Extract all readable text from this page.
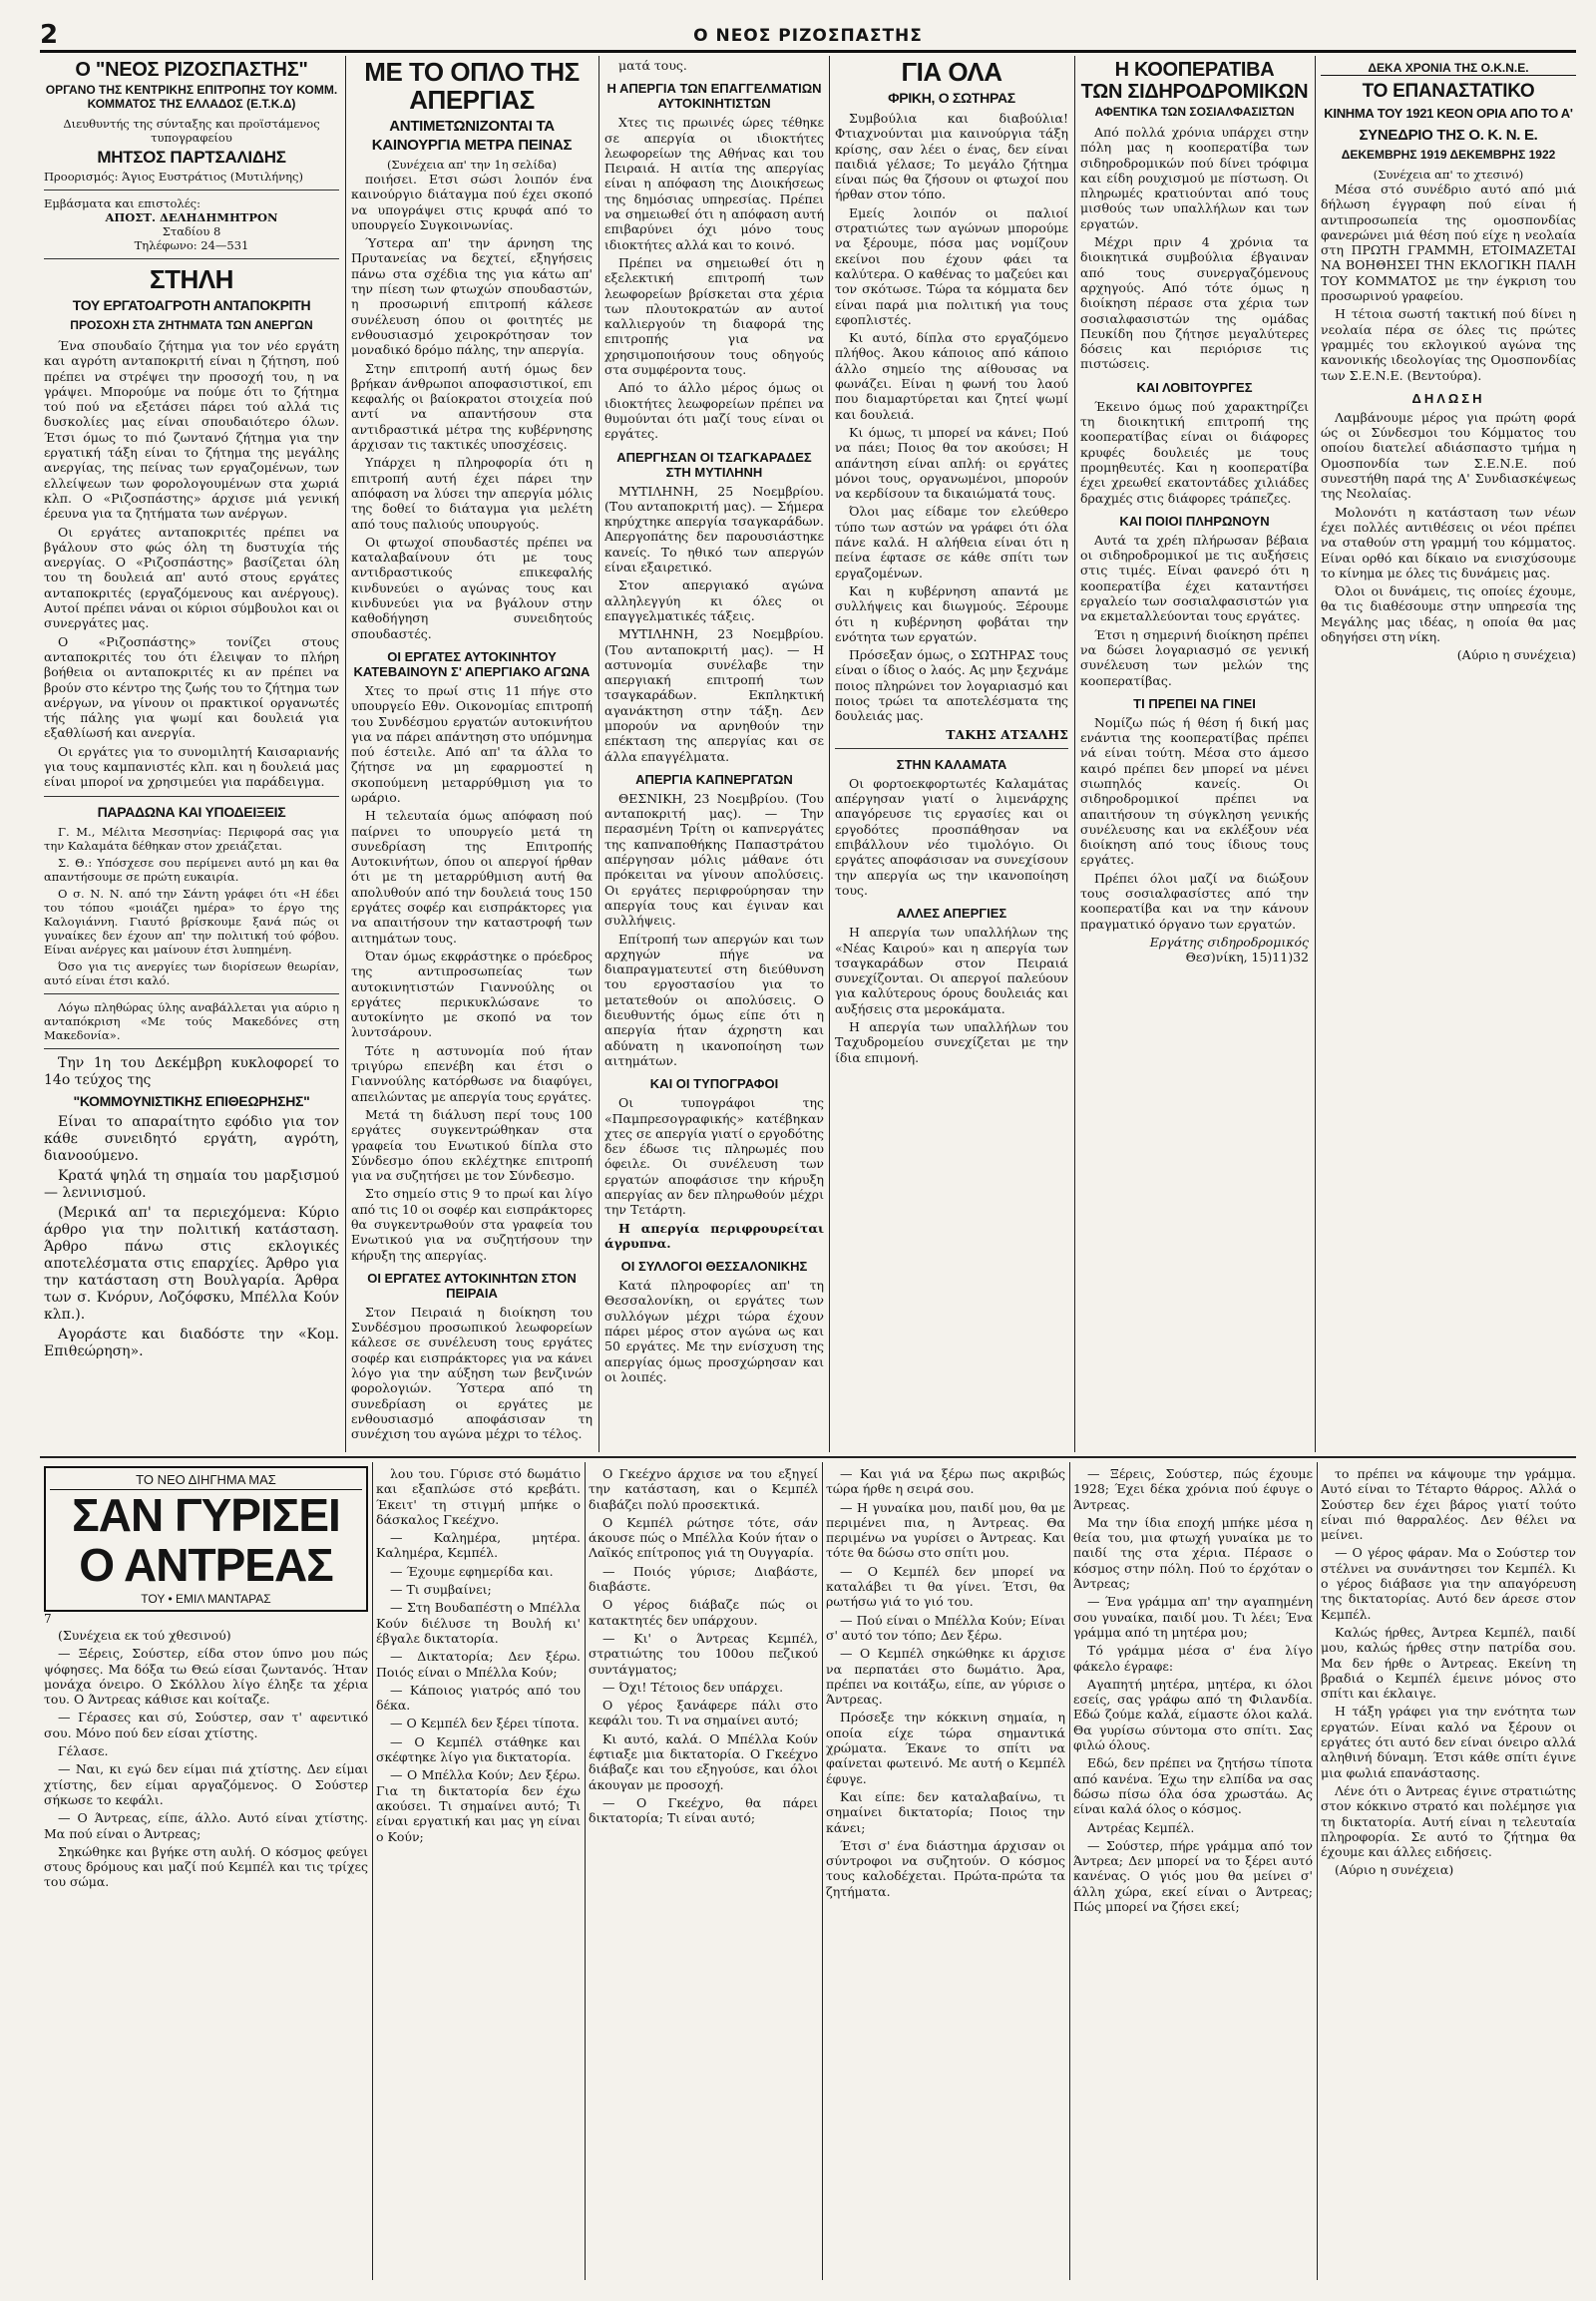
2	Ο ΝΕΟΣ ΡΙΖΟΣΠΑΣΤΗΣ
Ο "ΝΕΟΣ ΡΙΖΟΣΠΑΣΤΗΣ"
ΟΡΓΑΝΟ ΤΗΣ ΚΕΝΤΡΙΚΗΣ ΕΠΙΤΡΟΠΗΣ ΤΟΥ ΚΟΜΜ. ΚΟΜΜΑΤΟΣ ΤΗΣ ΕΛΛΑΔΟΣ (Ε.Τ.Κ.Δ)
Διευθυντής της σύνταξης και προϊστάμενος τυπογραφείου
ΜΗΤΣΟΣ ΠΑΡΤΣΑΛΙΔΗΣ
Προορισμός: Άγιος Ευστράτιος (Μυτιλήνης)
Εμβάσματα και επιστολές:
ΑΠΟΣΤ. ΔΕΛΗΔΗΜΗΤΡΟΝ
Σταδίου 8
Τηλέφωνο: 24—531
ΣΤΗΛΗ
ΤΟΥ ΕΡΓΑΤΟΑΓΡΟΤΗ ΑΝΤΑΠΟΚΡΙΤΗ
ΠΡΟΣΟΧΗ ΣΤΑ ΖΗΤΗΜΑΤΑ ΤΩΝ ΑΝΕΡΓΩΝ

Ένα σπουδαίο ζήτημα για τον νέο εργάτη και αγρότη ανταποκριτή είναι η ζήτηση, πού πρέπει να στρέψει την προσοχή του, η να γράψει. Μπορούμε να πούμε ότι το ζήτημα τού πού να εξετάσει πάρει τού αλλά τις δυσκολίες μας είναι σπουδαιότερο όλων. Έτσι όμως το πιό ζωντανό ζήτημα για την εργατική τάξη είναι το ζήτημα της μεγάλης ανεργίας, της πείνας των εργαζομένων, των ελλείψεων των φορολογουμένων στα χωριά κλπ. Ο «Ριζοσπάστης» άρχισε μιά γενική έρευνα για τα ζητήματα των ανέργων.

Οι εργάτες ανταποκριτές πρέπει να βγάλουν στο φώς όλη τη δυστυχία τής ανεργίας. Ο «Ριζοσπάστης» βασίζεται όλη του τη δουλειά απ' αυτό στους εργάτες ανταποκριτές (εργαζόμενους και ανέργους). Αυτοί πρέπει νάναι οι κύριοι σύμβουλοι και οι συνεργάτες μας.

Ο «Ριζοσπάστης» τονίζει στους ανταποκριτές του ότι έλειψαν το πλήρη βοήθεια οι ανταποκριτές κι αν πρέπει να βρούν στο κέντρο της ζωής του το ζήτημα των ανέργων, να γίνουν οι πρακτικοί οργανωτές τής πάλης για ψωμί και δουλειά για εξαθλίωσή και ανεργία.

Οι εργάτες για το συνομιλητή Καισαριανής για τους καμπανιστές κλπ. και η δουλειά μας είναι μποροί να χρησιμεύει για παράδειγμα.

ΠΑΡΑΔΩΝΑ ΚΑΙ ΥΠΟΔΕΙΞΕΙΣ

Γ. Μ., Μέλιτα Μεσσηνίας: Περιφορά σας για την Καλαμάτα δέθηκαν στον χρειάζεται.

Σ. Θ.: Υπόσχεσε σου περίμενει αυτό μη και θα απαντήσουμε σε πρώτη ευκαιρία.

Ο σ. Ν. Ν. από την Σάντη γράφει ότι «Η έδει του τόπου «μοιάζει ημέρα» το έργο της Καλογιάννη. Γιαυτό βρίσκουμε ξανά πώς οι γυναίκες δεν έχουν απ' την πολιτική τού φόβου. Είναι ανέργες και μαίνουν έτσι λυπημένη.

Όσο για τις ανεργίες των διορίσεων θεωρίαν, αυτό είναι έτσι καλό.

Λόγω πληθώρας ύλης αναβάλλεται για αύριο η ανταπόκριση «Με τούς Μακεδόνες στη Μακεδονία».

Την 1η του Δεκέμβρη κυκλοφορεί το 14ο τεύχος της

"ΚΟΜΜΟΥΝΙΣΤΙΚΗΣ ΕΠΙΘΕΩΡΗΣΗΣ"

Είναι το απαραίτητο εφόδιο για τον κάθε συνειδητό εργάτη, αγρότη, διανοούμενο.

Κρατά ψηλά τη σημαία του μαρξισμού — λενινισμού.

(Μερικά απ' τα περιεχόμενα: Κύριο άρθρο για την πολιτική κατάσταση. Άρθρο πάνω στις εκλογικές αποτελέσματα στις επαρχίες. Άρθρο για την κατάσταση στη Βουλγαρία. Άρθρα των σ. Κνόρυν, Λοζόφσκυ, Μπέλλα Κούν κλπ.).

Αγοράστε και διαδόστε την «Κομ. Επιθεώρηση».

ΜΕ ΤΟ ΟΠΛΟ ΤΗΣ ΑΠΕΡΓΙΑΣ
ΑΝΤΙΜΕΤΩΝΙΖΟΝΤΑΙ ΤΑ ΚΑΙΝΟΥΡΓΙΑ ΜΕΤΡΑ ΠΕΙΝΑΣ
(Συνέχεια απ' την 1η σελίδα)

ποιήσει. Ετσι σώσι λοιπόν ένα καινούργιο διάταγμα πού έχει σκοπό να υπογράψει στις κρυφά από το υπουργείο Συγκοινωνίας.

Ύστερα απ' την άρνηση της Πρυτανείας να δεχτεί, εξηγήσεις πάνω στα σχέδια της για κάτω απ' την πίεση των φτωχών σπουδαστών, η προσωρινή επιτροπή κάλεσε συνέλευση όπου οι φοιτητές με ενθουσιασμό χειροκρότησαν τον μοναδικό δρόμο πάλης, την απεργία.

Στην επιτροπή αυτή όμως δεν βρήκαν άνθρωποι αποφασιστικοί, επι κεφαλής οι βαίοκρατοι στοιχεία πού αντί να απαντήσουν στα αντιδραστικά μέτρα της κυβέρνησης άρχισαν τις τακτικές υποσχέσεις.

Υπάρχει η πληροφορία ότι η επιτροπή αυτή έχει πάρει την απόφαση να λύσει την απεργία μόλις της δοθεί το διάταγμα για μελέτη από τους παλιούς υπουργούς.

Οι φτωχοί σπουδαστές πρέπει να καταλαβαίνουν ότι με τους αντιδραστικούς επικεφαλής κινδυνεύει ο αγώνας τους και κινδυνεύει για να βγάλουν στην καθοδήγηση συνειδητούς σπουδαστές.

ΟΙ ΕΡΓΑΤΕΣ ΑΥΤΟΚΙΝΗΤΟΥ ΚΑΤΕΒΑΙΝΟΥΝ Σ' ΑΠΕΡΓΙΑΚΟ ΑΓΩΝΑ

Χτες το πρωί στις 11 πήγε στο υπουργείο Εθν. Οικονομίας επιτροπή του Συνδέσμου εργατών αυτοκινήτου για να πάρει απάντηση στο υπόμνημα πού έστειλε. Από απ' τα άλλα το ζήτησε να μη εφαρμοστεί η σκοπούμενη μεταρρύθμιση για το ωράριο.

Η τελευταία όμως απόφαση πού παίρνει το υπουργείο μετά τη συνεδρίαση της Επιτροπής Αυτοκινήτων, όπου οι απεργοί ήρθαν ότι με τη μεταρρύθμιση αυτή θα απολυθούν από την δουλειά τους 150 εργάτες σοφέρ και εισπράκτορες για να απαιτήσουν την καταστροφή των αιτημάτων τους.

Όταν όμως εκφράστηκε ο πρόεδρος της αντιπροσωπείας των αυτοκινητιστών Γιαννούλης οι εργάτες περικυκλώσανε το αυτοκίνητο με σκοπό να τον λυντσάρουν.

Τότε η αστυνομία πού ήταν τριγύρω επενέβη και έτσι ο Γιαννούλης κατόρθωσε να διαφύγει, απειλώντας με απεργία τους εργάτες.

Μετά τη διάλυση περί τους 100 εργάτες συγκεντρώθηκαν στα γραφεία του Ενωτικού δίπλα στο Σύνδεσμο όπου εκλέχτηκε επιτροπή για να συζητήσει με τον Σύνδεσμο.

Στο σημείο στις 9 το πρωί και λίγο από τις 10 οι σοφέρ και εισπράκτορες θα συγκεντρωθούν στα γραφεία του Ενωτικού για να συζητήσουν την κήρυξη της απεργίας.

ΟΙ ΕΡΓΑΤΕΣ ΑΥΤΟΚΙΝΗΤΩΝ ΣΤΟΝ ΠΕΙΡΑΙΑ

Στον Πειραιά η διοίκηση του Συνδέσμου προσωπικού λεωφορείων κάλεσε σε συνέλευση τους εργάτες σοφέρ και εισπράκτορες για να κάνει λόγο για την αύξηση των βενζινών φορολογιών. Ύστερα από τη συνεδρίαση οι εργάτες με ενθουσιασμό αποφάσισαν τη συνέχιση του αγώνα μέχρι το τέλος.

ματά τους.

Η ΑΠΕΡΓΙΑ ΤΩΝ ΕΠΑΓΓΕΛΜΑΤΙΩΝ ΑΥΤΟΚΙΝΗΤΙΣΤΩΝ

Χτες τις πρωινές ώρες τέθηκε σε απεργία οι ιδιοκτήτες λεωφορείων της Αθήνας και του Πειραιά. Η αιτία της απεργίας είναι η απόφαση της Διοικήσεως της δημόσιας υπηρεσίας. Πρέπει να σημειωθεί ότι η απόφαση αυτή επιβαρύνει όχι μόνο τους ιδιοκτήτες αλλά και το κοινό.

Πρέπει να σημειωθεί ότι η εξελεκτική επιτροπή των λεωφορείων βρίσκεται στα χέρια των πλουτοκρατών αν αυτοί καλλιεργούν τη διαφορά της επιτροπής για να χρησιμοποιήσουν τους οδηγούς στα συμφέροντα τους.

Από το άλλο μέρος όμως οι ιδιοκτήτες λεωφορείων πρέπει να θυμούνται ότι μαζί τους είναι οι εργάτες.

ΑΠΕΡΓΗΣΑΝ ΟΙ ΤΣΑΓΚΑΡΑΔΕΣ ΣΤΗ ΜΥΤΙΛΗΝΗ

ΜΥΤΙΛΗΝΗ, 25 Νοεμβρίου. (Του ανταποκριτή μας). — Σήμερα κηρύχτηκε απεργία τσαγκαράδων. Απεργοπάτης δεν παρουσιάστηκε κανείς. Το ηθικό των απεργών είναι εξαιρετικό.

Στον απεργιακό αγώνα αλληλεγγύη κι όλες οι επαγγελματικές τάξεις.

ΜΥΤΙΛΗΝΗ, 23 Νοεμβρίου. (Του ανταποκριτή μας). — Η αστυνομία συνέλαβε την απεργιακή επιτροπή των τσαγκαράδων. Εκπληκτική αγανάκτηση στην τάξη. Δεν μπορούν να αρνηθούν την επέκταση της απεργίας και σε άλλα επαγγέλματα.

ΑΠΕΡΓΙΑ ΚΑΠΝΕΡΓΑΤΩΝ

ΘΕΣΝΙΚΗ, 23 Νοεμβρίου. (Του ανταποκριτή μας). — Την περασμένη Τρίτη οι καπνεργάτες της καπναποθήκης Παπαστράτου απέργησαν μόλις μάθανε ότι πρόκειται να γίνουν απολύσεις. Οι εργάτες περιφρούρησαν την απεργία τους και έγιναν και συλλήψεις.

Επίτροπή των απεργών και των αρχηγών πήγε να διαπραγματευτεί στη διεύθυνση του εργοστασίου για το μετατεθούν οι απολύσεις. Ο διευθυντής όμως είπε ότι η απεργία ήταν άχρηστη και αδύνατη η ικανοποίηση των αιτημάτων.

ΚΑΙ ΟΙ ΤΥΠΟΓΡΑΦΟΙ

Οι τυπογράφοι της «Παμπρεσογραφικής» κατέβηκαν χτες σε απεργία γιατί ο εργοδότης δεν έδωσε τις πληρωμές που όφειλε. Οι συνέλευση των εργατών αποφάσισε την κήρυξη απεργίας αν δεν πληρωθούν μέχρι την Τετάρτη.

Η απεργία περιφρουρείται άγρυπνα.

ΟΙ ΣΥΛΛΟΓΟΙ ΘΕΣΣΑΛΟΝΙΚΗΣ

Κατά πληροφορίες απ' τη Θεσσαλονίκη, οι εργάτες των συλλόγων μέχρι τώρα έχουν πάρει μέρος στον αγώνα ως και 50 εργάτες. Με την ενίσχυση της απεργίας όμως προσχώρησαν και οι λοιπές.

ΓΙΑ ΟΛΑ
ΦΡΙΚΗ, Ο ΣΩΤΗΡΑΣ

Συμβούλια και διαβούλια! Φτιαχνούνται μια καινούργια τάξη κρίσης, σαν λέει ο ένας, δεν είναι παιδιά γέλασε; Το μεγάλο ζήτημα είναι πώς θα ζήσουν οι φτωχοί που ήρθαν στον τόπο.

Εμείς λοιπόν οι παλιοί στρατιώτες των αγώνων μπορούμε να ξέρουμε, πόσα μας νομίζουν εκείνοι που έχουν φάει τα καλύτερα. Ο καθένας το μαζεύει και τον σκότωσε. Τώρα τα κόμματα δεν είναι παρά μια πολιτική για τους εφοπλιστές.

Κι αυτό, δίπλα στο εργαζόμενο πλήθος. Άκου κάποιος από κάποιο άλλο σημείο της αίθουσας να φωνάζει. Είναι η φωνή του λαού που διαμαρτύρεται και ζητεί ψωμί και δουλειά.

Κι όμως, τι μπορεί να κάνει; Πού να πάει; Ποιος θα τον ακούσει; Η απάντηση είναι απλή: οι εργάτες μόνοι τους, οργανωμένοι, μπορούν να κερδίσουν τα δικαιώματά τους.

Όλοι μας είδαμε τον ελεύθερο τύπο των αστών να γράφει ότι όλα πάνε καλά. Η αλήθεια είναι ότι η πείνα έφτασε σε κάθε σπίτι των εργαζομένων.

Και η κυβέρνηση απαντά με συλλήψεις και διωγμούς. Ξέρουμε ότι η κυβέρνηση φοβάται την ενότητα των εργατών.

Πρόσεξαν όμως, ο ΣΩΤΗΡΑΣ τους είναι ο ίδιος ο λαός. Ας μην ξεχνάμε ποιος πληρώνει τον λογαριασμό και ποιος τρώει τα αποτελέσματα της δουλειάς μας.

ΤΑΚΗΣ ΑΤΣΑΛΗΣ
ΣΤΗΝ ΚΑΛΑΜΑΤΑ

Οι φορτοεκφορτωτές Καλαμάτας απέργησαν γιατί ο λιμενάρχης απαγόρευσε τις εργασίες και οι εργοδότες προσπάθησαν να επιβάλλουν νέο τιμολόγιο. Οι εργάτες αποφάσισαν να συνεχίσουν την απεργία ως την ικανοποίηση τους.

ΑΛΛΕΣ ΑΠΕΡΓΙΕΣ

Η απεργία των υπαλλήλων της «Νέας Καιρού» και η απεργία των τσαγκαράδων στον Πειραιά συνεχίζονται. Οι απεργοί παλεύουν για καλύτερους όρους δουλειάς και αυξήσεις στα μεροκάματα.

Η απεργία των υπαλλήλων του Ταχυδρομείου συνεχίζεται με την ίδια επιμονή.

Η ΚΟΟΠΕΡΑΤΙΒΑ
ΤΩΝ ΣΙΔΗΡΟΔΡΟΜΙΚΩΝ
ΑΦΕΝΤΙΚΑ ΤΩΝ ΣΟΣΙΑΛΦΑΣΙΣΤΩΝ

Από πολλά χρόνια υπάρχει στην πόλη μας η κοοπερατίβα των σιδηροδρομικών πού δίνει τρόφιμα και είδη ρουχισμού με πίστωση. Οι πληρωμές κρατιούνται από τους μισθούς των υπαλλήλων και των εργατών.

Μέχρι πριν 4 χρόνια τα διοικητικά συμβούλια έβγαιναν από τους συνεργαζόμενους αρχηγούς. Από τότε όμως η διοίκηση πέρασε στα χέρια των σοσιαλφασιστών της ομάδας Πευκίδη που ζήτησε μεγαλύτερες δόσεις και περιόρισε τις πιστώσεις.

ΚΑΙ ΛΟΒΙΤΟΥΡΓΕΣ

Έκεινο όμως πού χαρακτηρίζει τη διοικητική επιτροπή της κοοπερατίβας είναι οι διάφορες κρυφές δουλειές με τους προμηθευτές. Και η κοοπερατίβα έχει χρεωθεί εκατοντάδες χιλιάδες δραχμές στις διάφορες τράπεζες.

ΚΑΙ ΠΟΙΟΙ ΠΛΗΡΩΝΟΥΝ

Αυτά τα χρέη πλήρωσαν βέβαια οι σιδηροδρομικοί με τις αυξήσεις στις τιμές. Είναι φανερό ότι η κοοπερατίβα έχει καταντήσει εργαλείο των σοσιαλφασιστών για να εκμεταλλεύονται τους εργάτες.

Έτσι η σημερινή διοίκηση πρέπει να δώσει λογαριασμό σε γενική συνέλευση των μελών της κοοπερατίβας.

ΤΙ ΠΡΕΠΕΙ ΝΑ ΓΙΝΕΙ

Νομίζω πώς ή θέση ή δική μας ενάντια της κοοπερατίβας πρέπει νά είναι τούτη. Μέσα στο άμεσο καιρό πρέπει δεν μπορεί να μένει σιωπηλός κανείς. Οι σιδηροδρομικοί πρέπει να απαιτήσουν τη σύγκληση γενικής συνέλευσης και να εκλέξουν νέα διοίκηση από τους ίδιους τους εργάτες.

Πρέπει όλοι μαζί να διώξουν τους σοσιαλφασίστες από την κοοπερατίβα και να την κάνουν πραγματικό όργανο των εργατών.

Εργάτης σιδηροδρομικός
Θεσ)νίκη, 15)11)32
ΔΕΚΑ ΧΡΟΝΙΑ ΤΗΣ Ο.Κ.Ν.Ε.
ΤΟ ΕΠΑΝΑΣΤΑΤΙΚΟ
ΚΙΝΗΜΑ ΤΟΥ 1921 ΚΕΟΝ ΟΡΙΑ ΑΠΟ ΤΟ Α'
ΣΥΝΕΔΡΙΟ ΤΗΣ Ο. Κ. Ν. Ε.
ΔΕΚΕΜΒΡΗΣ 1919 ΔΕΚΕΜΒΡΗΣ 1922
(Συνέχεια απ' το χτεσινό)

Μέσα στό συνέδριο αυτό από μιά δήλωση έγγραφη πού είναι ή αντιπροσωπεία της ομοσπονδίας φανερώνει μιά θέση πού είχε η νεολαία στη ΠΡΩΤΗ ΓΡΑΜΜΗ, ΕΤΟΙΜΑΖΕΤΑΙ ΝΑ ΒΟΗΘΗΣΕΙ ΤΗΝ ΕΚΛΟΓΙΚΗ ΠΑΛΗ ΤΟΥ ΚΟΜΜΑΤΟΣ με την έγκριση του προσωρινού γραφείου.

Η τέτοια σωστή τακτική πού δίνει η νεολαία πέρα σε όλες τις πρώτες γραμμές του εκλογικού αγώνα της κανονικής ιδεολογίας της Ομοσπονδίας των Σ.Ε.Ν.Ε. (Βεντούρα).

ΔΗΛΩΣΗ

Λαμβάνουμε μέρος για πρώτη φορά ώς οι Σύνδεσμοι του Κόμματος του οποίου διατελεί αδιάσπαστο τμήμα η Ομοσπονδία των Σ.Ε.Ν.Ε. πού συνεστήθη παρά της Α' Συνδιασκέψεως της Νεολαίας.

Μολονότι η κατάσταση των νέων έχει πολλές αντιθέσεις οι νέοι πρέπει να σταθούν στη γραμμή του κόμματος. Είναι ορθό και δίκαιο να ενισχύσουμε το κίνημα με όλες τις δυνάμεις μας.

Όλοι οι δυνάμεις, τις οποίες έχουμε, θα τις διαθέσουμε στην υπηρεσία της Μεγάλης μας ιδέας, η οποία θα μας οδηγήσει στη νίκη.

(Αύριο η συνέχεια)
ΤΟ ΝΕΟ ΔΙΗΓΗΜΑ ΜΑΣ
ΣΑΝ ΓΥΡΙΣΕΙ Ο ΑΝΤΡΕΑΣ
ΤΟΥ • ΕΜΙΛ ΜΑΝΤΑΡΑΣ
7

(Συνέχεια εκ τού χθεσινού)

— Ξέρεις, Σούστερ, είδα στον ύπνο μου πώς ψόφησες. Μα δόξα τω Θεώ είσαι ζωντανός. Ήταν μονάχα όνειρο. Ο Σκόλλου λίγο έληξε τα χέρια του. Ο Άντρεας κάθισε και κοίταζε.

— Γέρασες και σύ, Σούστερ, σαν τ' αφεντικό σου. Μόνο πού δεν είσαι χτίστης.

Γέλασε.

— Ναι, κι εγώ δεν είμαι πιά χτίστης. Δεν είμαι χτίστης, δεν είμαι αργαζόμενος. Ο Σούστερ σήκωσε το κεφάλι.

— Ο Άντρεας, είπε, άλλο. Αυτό είναι χτίστης. Μα πού είναι ο Άντρεας;

Σηκώθηκε και βγήκε στη αυλή. Ο κόσμος φεύγει στους δρόμους και μαζί πού Κεμπέλ και τις τρίχες του σώμα.

λου του. Γύρισε στό δωμάτιο και εξαπλώσε στό κρεβάτι. Έκειτ' τη στιγμή μπήκε ο δάσκαλος Γκεέχνο.

— Καλημέρα, μητέρα. Καλημέρα, Κεμπέλ.

— Έχουμε εφημερίδα και.

— Τι συμβαίνει;

— Στη Βουδαπέστη ο Μπέλλα Κούν διέλυσε τη Βουλή κι' έβγαλε δικτατορία.

— Δικτατορία; Δεν ξέρω. Ποιός είναι ο Μπέλλα Κούν;

— Κάποιος γιατρός από του δέκα.

— Ο Κεμπέλ δεν ξέρει τίποτα.

— Ο Κεμπέλ στάθηκε και σκέφτηκε λίγο για δικτατορία.

— Ο Μπέλλα Κούν; Δεν ξέρω. Για τη δικτατορία δεν έχω ακούσει. Τι σημαίνει αυτό; Τι είναι εργατική και μας γη είναι ο Κούν;

Ο Γκεέχνο άρχισε να του εξηγεί την κατάσταση, και ο Κεμπέλ διαβάζει πολύ προσεκτικά.

Ο Κεμπέλ ρώτησε τότε, σάν άκουσε πώς ο Μπέλλα Κούν ήταν ο Λαϊκός επίτροπος γιά τη Ουγγαρία.

— Ποιός γύρισε; Διαβάστε, διαβάστε.

Ο γέρος διάβαζε πώς οι κατακτητές δεν υπάρχουν.

— Κι' ο Άντρεας Κεμπέλ, στρατιώτης του 100ου πεζικού συντάγματος;

— Όχι! Τέτοιος δεν υπάρχει.

Ο γέρος ξανάφερε πάλι στο κεφάλι του. Τι να σημαίνει αυτό;

Κι αυτό, καλά. Ο Μπέλλα Κούν έφτιαξε μια δικτατορία. Ο Γκεέχνο διάβαζε και του εξηγούσε, και όλοι άκουγαν με προσοχή.

— Ο Γκεέχνο, θα πάρει δικτατορία; Τι είναι αυτό;

— Και γιά να ξέρω πως ακριβώς τώρα ήρθε η σειρά σου.

— Η γυναίκα μου, παιδί μου, θα με περιμένει πια, η Άντρεας. Θα περιμένω να γυρίσει ο Άντρεας. Και τότε θα δώσω στο σπίτι μου.

— Ο Κεμπέλ δεν μπορεί να καταλάβει τι θα γίνει. Έτσι, θα ρωτήσω γιά το γιό του.

— Πού είναι ο Μπέλλα Κούν; Είναι σ' αυτό τον τόπο; Δεν ξέρω.

— Ο Κεμπέλ σηκώθηκε κι άρχισε να περπατάει στο δωμάτιο. Άρα, πρέπει να κοιτάξω, είπε, αν γύρισε ο Άντρεας.

Πρόσεξε την κόκκινη σημαία, η οποία είχε τώρα σημαντικά χρώματα. Έκανε το σπίτι να φαίνεται φωτεινό. Με αυτή ο Κεμπέλ έφυγε.

Και είπε: δεν καταλαβαίνω, τι σημαίνει δικτατορία; Ποιος την κάνει;

Έτσι σ' ένα διάστημα άρχισαν οι σύντροφοι να συζητούν. Ο κόσμος τους καλοδέχεται. Πρώτα-πρώτα τα ζητήματα.

— Ξέρεις, Σούστερ, πώς έχουμε 1928; Έχει δέκα χρόνια πού έφυγε ο Άντρεας.

Μα την ίδια εποχή μπήκε μέσα η θεία του, μια φτωχή γυναίκα με το παιδί της στα χέρια. Πέρασε ο κόσμος στην πόλη. Πού το έρχόταν ο Άντρεας;

— Ένα γράμμα απ' την αγαπημένη σου γυναίκα, παιδί μου. Τι λέει; Ένα γράμμα από τη μητέρα μου;

Τό γράμμα μέσα σ' ένα λίγο φάκελο έγραφε:

Αγαπητή μητέρα, μητέρα, κι όλοι εσείς, σας γράφω από τη Φιλανδία. Εδώ ζούμε καλά, είμαστε όλοι καλά. Θα γυρίσω σύντομα στο σπίτι. Σας φιλώ όλους.

Εδώ, δεν πρέπει να ζητήσω τίποτα από κανένα. Έχω την ελπίδα να σας δώσω πίσω όλα όσα χρωστάω. Ας είναι καλά όλος ο κόσμος.

Αντρέας Κεμπέλ.

— Σούστερ, πήρε γράμμα από τον Άντρεα; Δεν μπορεί να το ξέρει αυτό κανένας. Ο γιός μου θα μείνει σ' άλλη χώρα, εκεί είναι ο Άντρεας; Πώς μπορεί να ζήσει εκεί;

το πρέπει να κάψουμε την γράμμα. Αυτό είναι το Τέταρτο θάρρος. Αλλά ο Σούστερ δεν έχει βάρος γιατί τούτο είναι πιό θαρραλέος. Δεν θέλει να μείνει.

— Ο γέρος φάραν. Μα ο Σούστερ τον στέλνει να συνάντησει τον Κεμπέλ. Κι ο γέρος διάβασε για την απαγόρευση της δικτατορίας. Αυτό δεν άρεσε στον Κεμπέλ.

Καλώς ήρθες, Άντρεα Κεμπέλ, παιδί μου, καλώς ήρθες στην πατρίδα σου. Μα δεν ήρθε ο Άντρεας. Εκείνη τη βραδιά ο Κεμπέλ έμεινε μόνος στο σπίτι και έκλαιγε.

Η τάξη γράφει για την ενότητα των εργατών. Είναι καλό να ξέρουν οι εργάτες ότι αυτό δεν είναι όνειρο αλλά αληθινή δύναμη. Έτσι κάθε σπίτι έγινε μια φωλιά επανάστασης.

Λένε ότι ο Άντρεας έγινε στρατιώτης στον κόκκινο στρατό και πολέμησε για τη δικτατορία. Αυτή είναι η τελευταία πληροφορία. Σε αυτό το ζήτημα θα έχουμε και άλλες ειδήσεις.

(Αύριο η συνέχεια)
